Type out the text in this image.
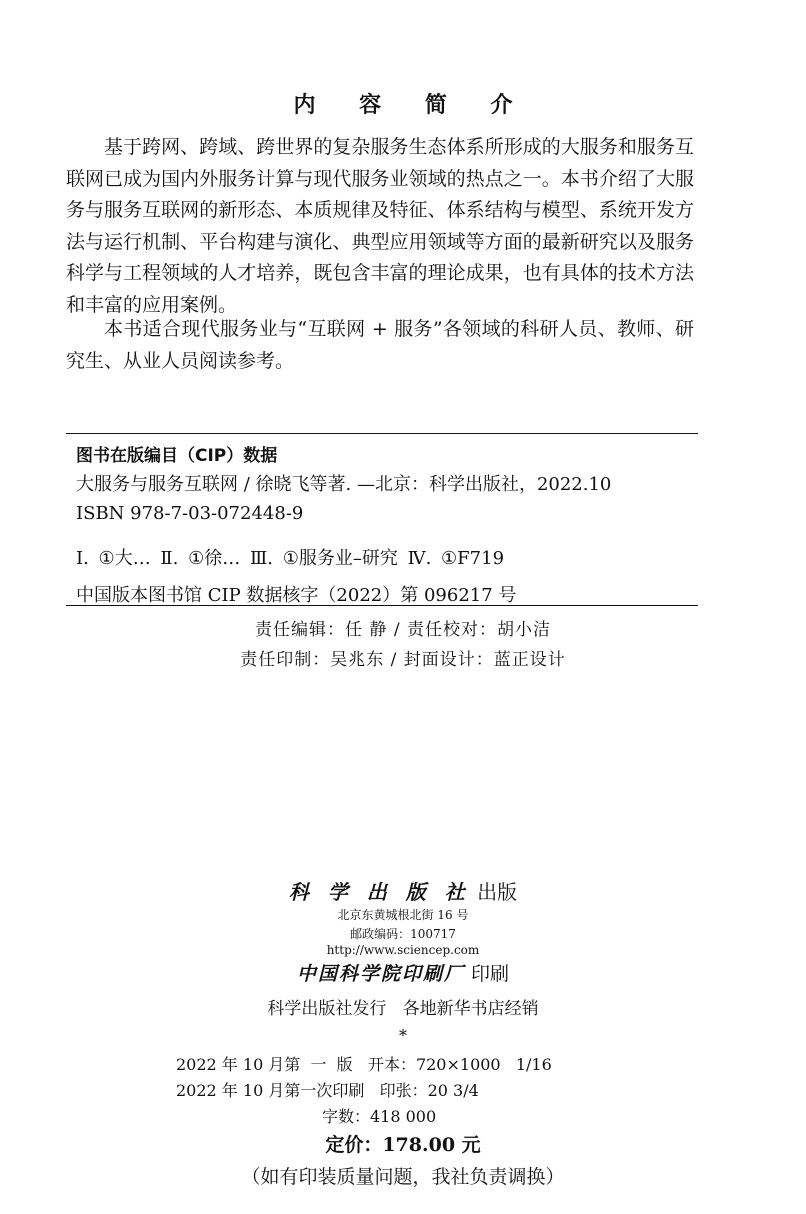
内 容 简 介

基于跨网、跨域、跨世界的复杂服务生态体系所形成的大服务和服务互联网已成为国内外服务计算与现代服务业领域的热点之一。本书介绍了大服务与服务互联网的新形态、本质规律及特征、体系结构与模型、系统开发方法与运行机制、平台构建与演化、典型应用领域等方面的最新研究以及服务科学与工程领域的人才培养，既包含丰富的理论成果，也有具体的技术方法和丰富的应用案例。

本书适合现代服务业与“互联网 + 服务”各领域的科研人员、教师、研究生、从业人员阅读参考。

图书在版编目（CIP）数据
大服务与服务互联网 / 徐晓飞等著. —北京：科学出版社，2022.10
ISBN 978-7-03-072448-9
Ⅰ. ①大… Ⅱ. ①徐… Ⅲ. ①服务业–研究 Ⅳ. ①F719
中国版本图书馆 CIP 数据核字（2022）第 096217 号
责任编辑：任 静 / 责任校对：胡小洁
责任印制：吴兆东 / 封面设计：蓝正设计
科 学 出 版 社 出版
北京东黄城根北街 16 号
邮政编码：100717
http://www.sciencep.com
中国科学院印刷厂 印刷
科学出版社发行   各地新华书店经销
*
2022 年 10 月第  一  版   开本：720×1000   1/16
2022 年 10 月第一次印刷   印张：20 3/4
字数：418 000
定价：178.00 元
（如有印装质量问题，我社负责调换）
